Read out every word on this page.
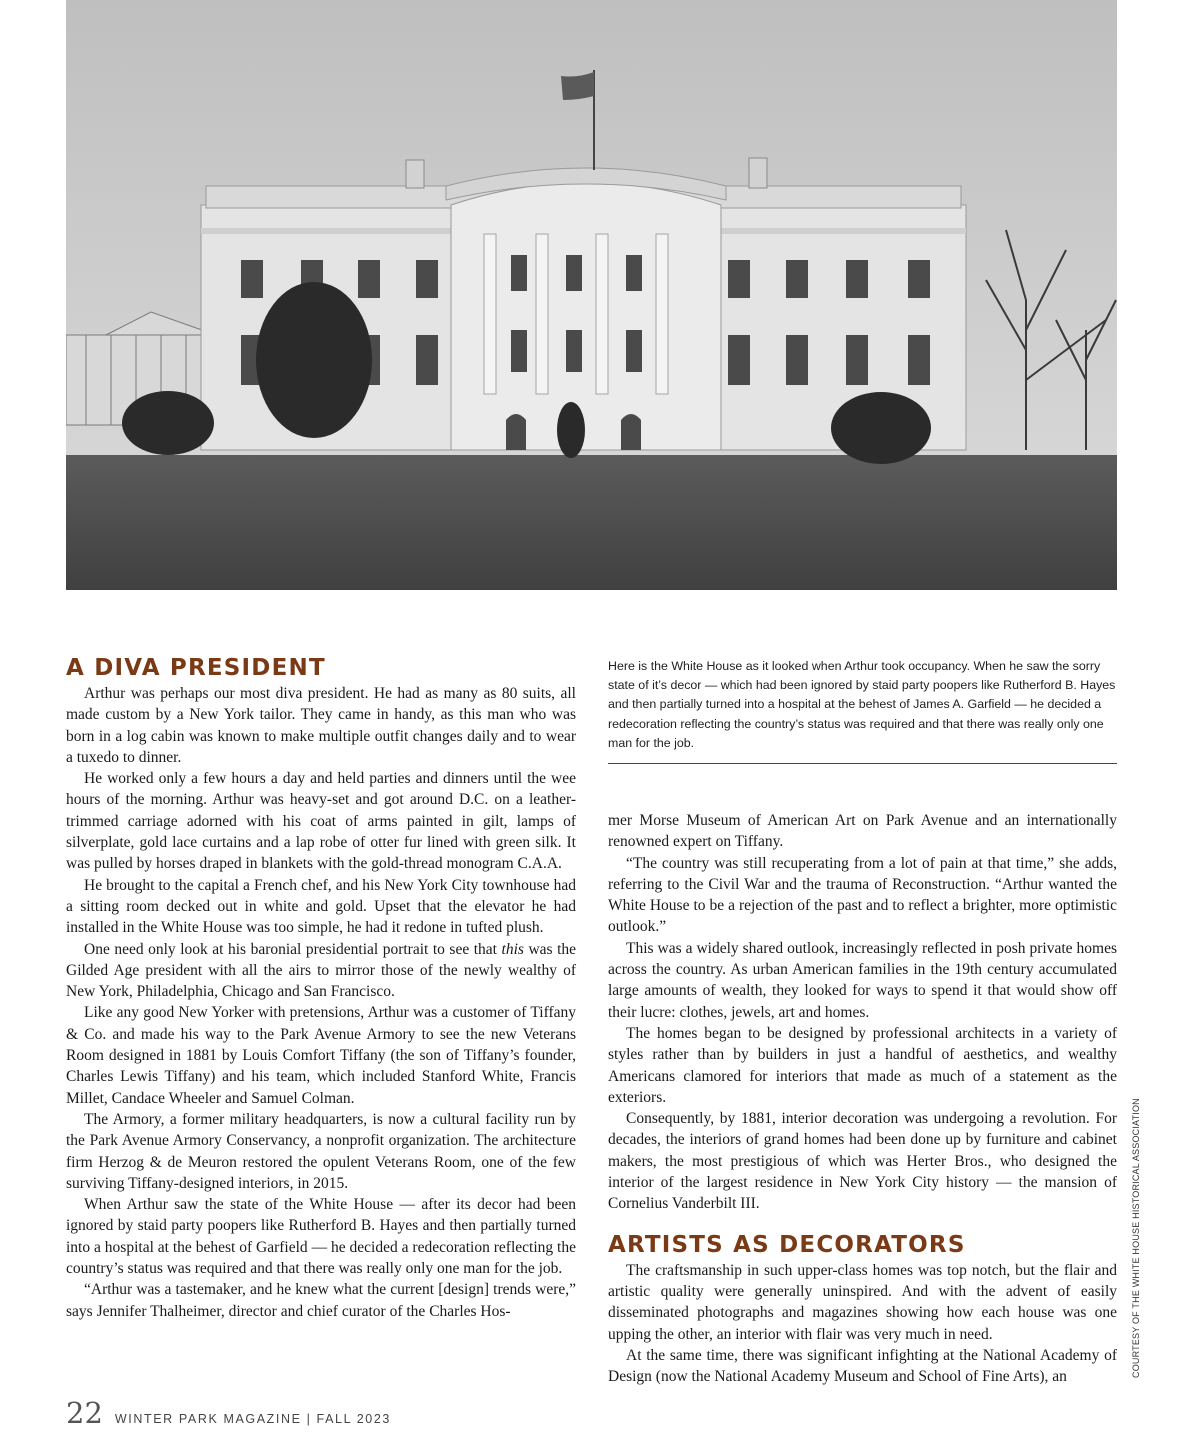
A DIVA PRESIDENT

Arthur was perhaps our most diva president. He had as many as 80 suits, all made custom by a New York tailor. They came in handy, as this man who was born in a log cabin was known to make multiple outfit changes daily and to wear a tuxedo to dinner.

He worked only a few hours a day and held parties and dinners until the wee hours of the morning. Arthur was heavy-set and got around D.C. on a leather-trimmed carriage adorned with his coat of arms painted in gilt, lamps of silverplate, gold lace curtains and a lap robe of otter fur lined with green silk. It was pulled by horses draped in blankets with the gold-thread monogram C.A.A.

He brought to the capital a French chef, and his New York City townhouse had a sitting room decked out in white and gold. Upset that the elevator he had installed in the White House was too simple, he had it redone in tufted plush.

One need only look at his baronial presidential portrait to see that this was the Gilded Age president with all the airs to mirror those of the newly wealthy of New York, Philadelphia, Chicago and San Francisco.

Like any good New Yorker with pretensions, Arthur was a customer of Tiffany & Co. and made his way to the Park Avenue Armory to see the new Veterans Room designed in 1881 by Louis Comfort Tiffany (the son of Tiffany’s founder, Charles Lewis Tiffany) and his team, which included Stanford White, Francis Millet, Candace Wheeler and Samuel Colman.

The Armory, a former military headquarters, is now a cultural facility run by the Park Avenue Armory Conservancy, a nonprofit organization. The architecture firm Herzog & de Meuron restored the opulent Veterans Room, one of the few surviving Tiffany-designed interiors, in 2015.

When Arthur saw the state of the White House — after its decor had been ignored by staid party poopers like Rutherford B. Hayes and then partially turned into a hospital at the behest of Garfield — he decided a redecoration reflecting the country’s status was required and that there was really only one man for the job.

“Arthur was a tastemaker, and he knew what the current [design] trends were,” says Jennifer Thalheimer, director and chief curator of the Charles Hos-

Here is the White House as it looked when Arthur took occupancy. When he saw the sorry state of it’s decor — which had been ignored by staid party poopers like Rutherford B. Hayes and then partially turned into a hospital at the behest of James A. Garfield — he decided a redecoration reflecting the country’s status was required and that there was really only one man for the job.

mer Morse Museum of American Art on Park Avenue and an internationally renowned expert on Tiffany.

“The country was still recuperating from a lot of pain at that time,” she adds, referring to the Civil War and the trauma of Reconstruction. “Arthur wanted the White House to be a rejection of the past and to reflect a brighter, more optimistic outlook.”

This was a widely shared outlook, increasingly reflected in posh private homes across the country. As urban American families in the 19th century accumulated large amounts of wealth, they looked for ways to spend it that would show off their lucre: clothes, jewels, art and homes.

The homes began to be designed by professional architects in a variety of styles rather than by builders in just a handful of aesthetics, and wealthy Americans clamored for interiors that made as much of a statement as the exteriors.

Consequently, by 1881, interior decoration was undergoing a revolution. For decades, the interiors of grand homes had been done up by furniture and cabinet makers, the most prestigious of which was Herter Bros., who designed the interior of the largest residence in New York City history — the mansion of Cornelius Vanderbilt III.

ARTISTS AS DECORATORS

The craftsmanship in such upper-class homes was top notch, but the flair and artistic quality were generally uninspired. And with the advent of easily disseminated photographs and magazines showing how each house was one upping the other, an interior with flair was very much in need.

At the same time, there was significant infighting at the National Academy of Design (now the National Academy Museum and School of Fine Arts), an	COURTESY OF THE WHITE HOUSE HISTORICAL ASSOCIATION
22 WINTER PARK MAGAZINE | FALL 2023
